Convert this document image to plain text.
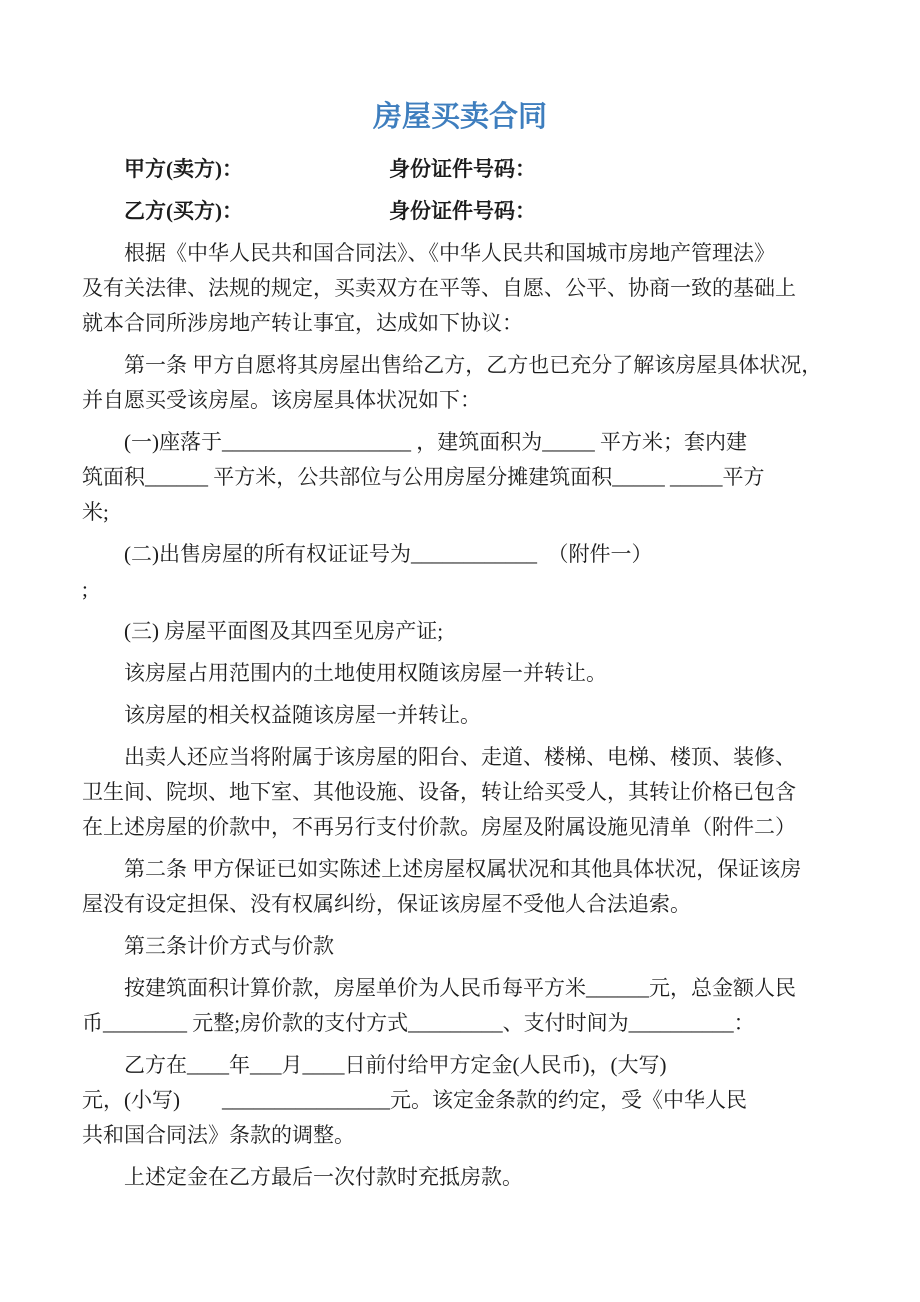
房屋买卖合同
甲方(卖方)：	身份证件号码：
乙方(买方)：	身份证件号码：
根据《中华人民共和国合同法》、《中华人民共和国城市房地产管理法》
及有关法律、法规的规定，买卖双方在平等、自愿、公平、协商一致的基础上
就本合同所涉房地产转让事宜，达成如下协议：
第一条 甲方自愿将其房屋出售给乙方，乙方也已充分了解该房屋具体状况，
并自愿买受该房屋。该房屋具体状况如下：
(一)座落于__________________ ，建筑面积为_____ 平方米；套内建
筑面积______ 平方米，公共部位与公用房屋分摊建筑面积_____ _____平方
米;
(二)出售房屋的所有权证证号为____________  （附件一）
;
(三) 房屋平面图及其四至见房产证;
该房屋占用范围内的土地使用权随该房屋一并转让。
该房屋的相关权益随该房屋一并转让。
出卖人还应当将附属于该房屋的阳台、走道、楼梯、电梯、楼顶、装修、
卫生间、院坝、地下室、其他设施、设备，转让给买受人，其转让价格已包含
在上述房屋的价款中，不再另行支付价款。房屋及附属设施见清单（附件二）
第二条 甲方保证已如实陈述上述房屋权属状况和其他具体状况，保证该房
屋没有设定担保、没有权属纠纷，保证该房屋不受他人合法追索。
第三条计价方式与价款
按建筑面积计算价款，房屋单价为人民币每平方米______元，总金额人民
币________ 元整;房价款的支付方式_________、支付时间为__________：
乙方在____年___月____日前付给甲方定金(人民币)，(大写)
元，(小写)        ________________元。该定金条款的约定，受《中华人民
共和国合同法》条款的调整。
上述定金在乙方最后一次付款时充抵房款。
